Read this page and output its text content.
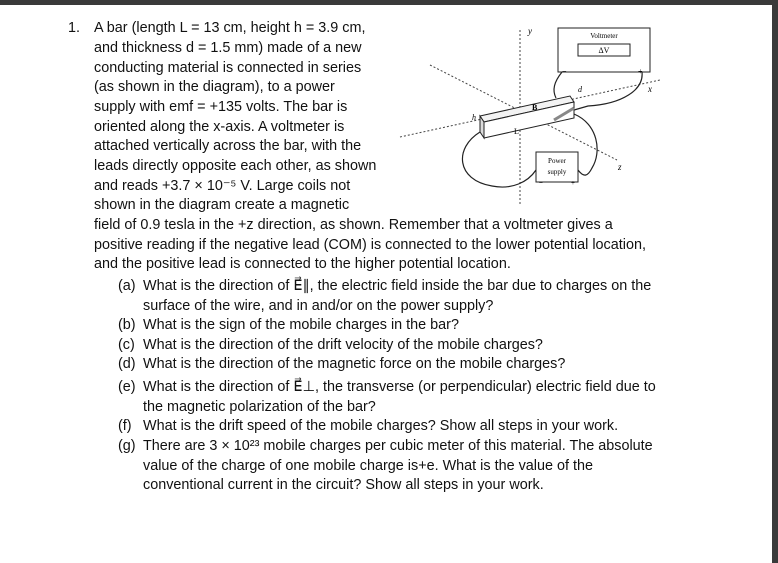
1. A bar (length L = 13 cm, height h = 3.9 cm,
and thickness d = 1.5 mm) made of a new
conducting material is connected in series
(as shown in the diagram), to a power
supply with emf = +135 volts. The bar is
oriented along the x-axis. A voltmeter is
attached vertically across the bar, with the
leads directly opposite each other, as shown
and reads +3.7 × 10⁻⁵ V. Large coils not
shown in the diagram create a magnetic
field of 0.9 tesla in the +z direction, as shown. Remember that a voltmeter gives a
positive reading if the negative lead (COM) is connected to the lower potential location,
and the positive lead is connected to the higher potential location.
(a) What is the direction of E⃗∥, the electric field inside the bar due to charges on the
surface of the wire, and in and/or on the power supply?
(b) What is the sign of the mobile charges in the bar?
(c) What is the direction of the drift velocity of the mobile charges?
(d) What is the direction of the magnetic force on the mobile charges?
(e) What is the direction of E⃗⊥, the transverse (or perpendicular) electric field due to
the magnetic polarization of the bar?
(f) What is the drift speed of the mobile charges? Show all steps in your work.
(g) There are 3 × 10²³ mobile charges per cubic meter of this material. The absolute
value of the charge of one mobile charge is+e. What is the value of the
conventional current in the circuit? Show all steps in your work.
y
x
z
Voltmeter
ΔV
−	+
h
L
d
B⃗
Power
supply
−	+
